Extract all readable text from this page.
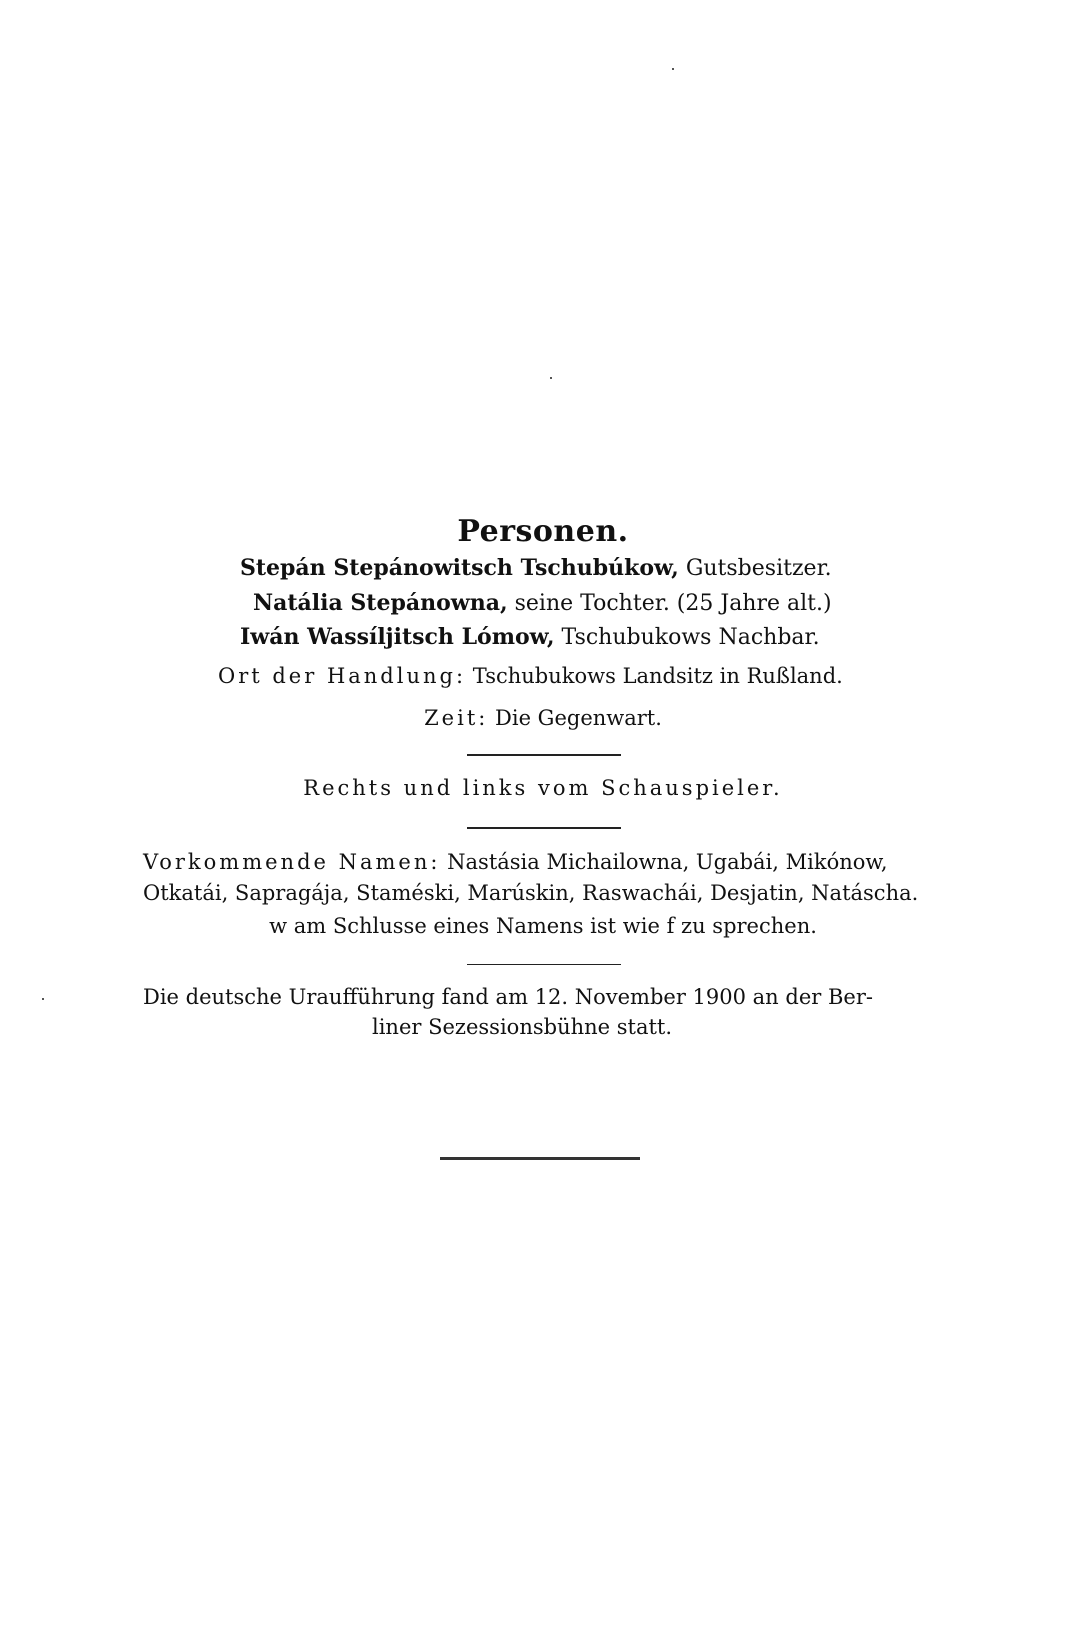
Personen.
Stepán Stepánowitsch Tschubúkow, Gutsbesitzer.
Natália Stepánowna, seine Tochter. (25 Jahre alt.)
Iwán Wassíljitsch Lómow, Tschubukows Nachbar.
Ort der Handlung: Tschubukows Landsitz in Rußland.
Zeit: Die Gegenwart.
Rechts und links vom Schauspieler.
Vorkommende Namen: Nastásia Michailowna, Ugabái, Mikónow,
Otkatái, Sapragája, Staméski, Marúskin, Raswachái, Desjatin, Natáscha.
w am Schlusse eines Namens ist wie f zu sprechen.
Die deutsche Uraufführung fand am 12. November 1900 an der Ber-
liner Sezessionsbühne statt.
